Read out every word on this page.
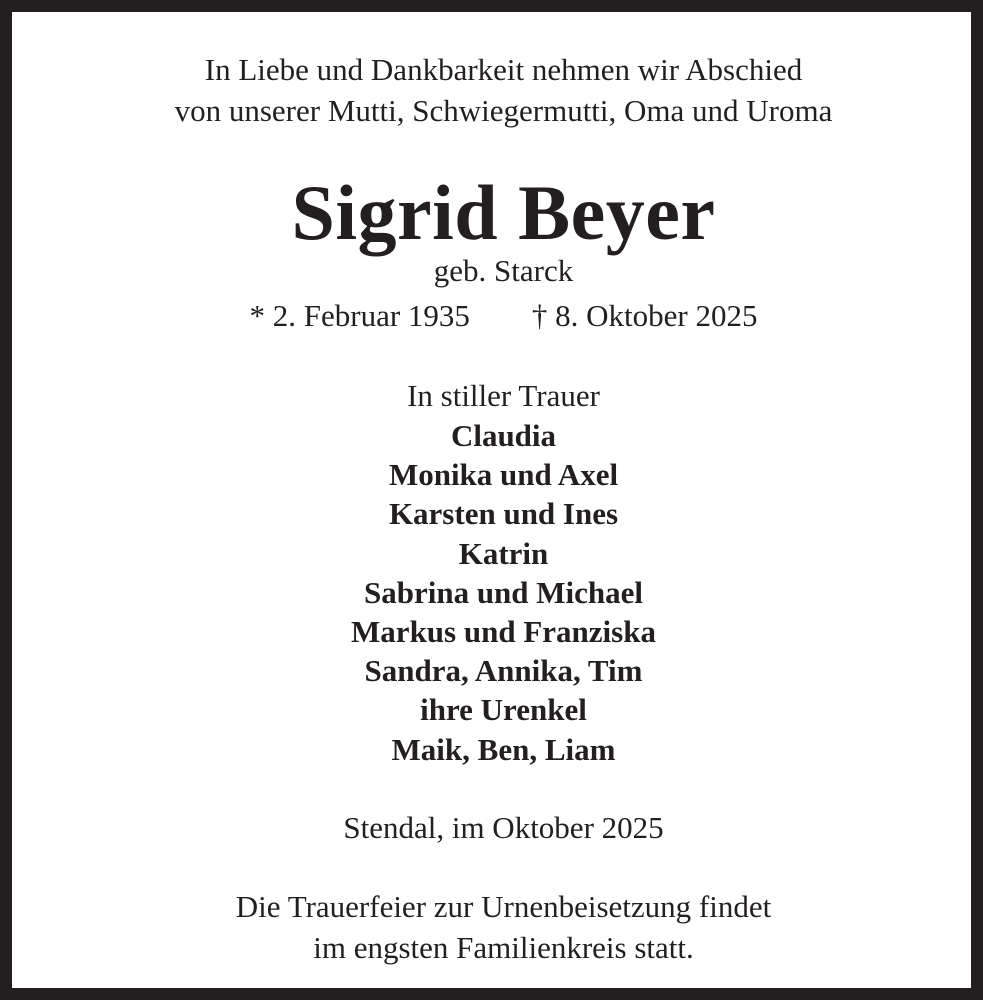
In Liebe und Dankbarkeit nehmen wir Abschied
von unserer Mutti, Schwiegermutti, Oma und Uroma
Sigrid Beyer
geb. Starck
* 2. Februar 1935 † 8. Oktober 2025
In stiller Trauer
Claudia
Monika und Axel
Karsten und Ines
Katrin
Sabrina und Michael
Markus und Franziska
Sandra, Annika, Tim
ihre Urenkel
Maik, Ben, Liam
Stendal, im Oktober 2025
Die Trauerfeier zur Urnenbeisetzung findet
im engsten Familienkreis statt.
